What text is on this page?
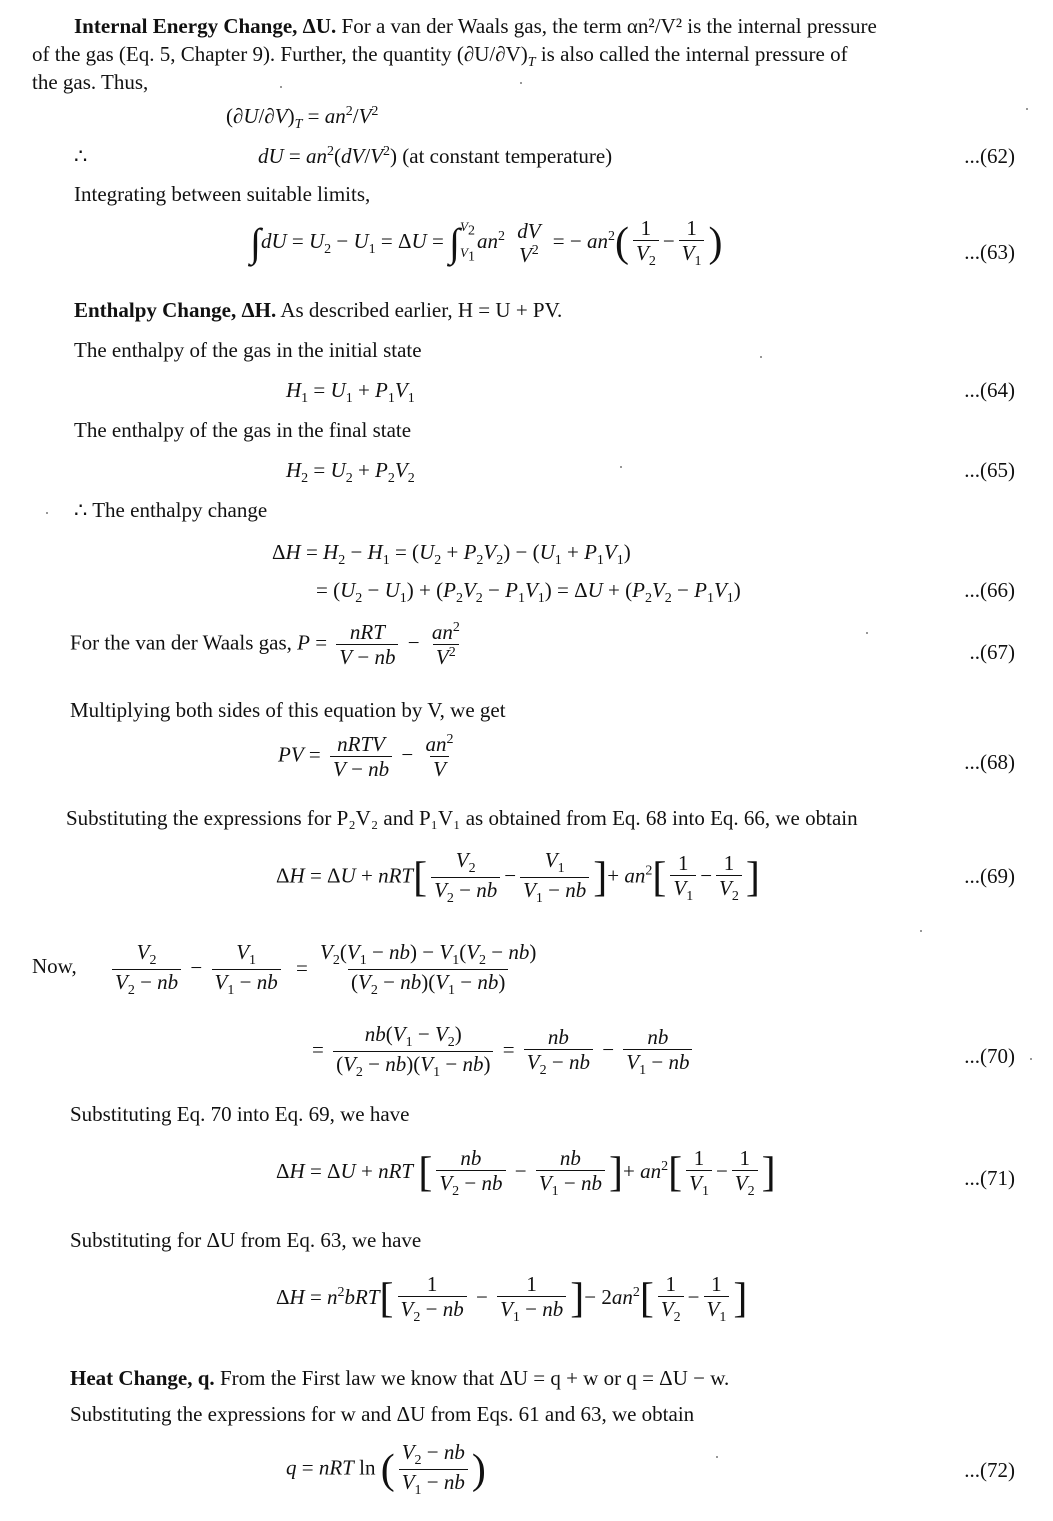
Internal Energy Change, ΔU. For a van der Waals gas, the term αn²/V² is the internal pressure
of the gas (Eq. 5, Chapter 9). Further, the quantity $(\partial U/\partial V)_T$ is also called the internal pressure of
the gas. Thus,
$(\partial U/\partial V)_T = an^2/V^2$
∴	dU = $an^2(dV/V^2)$ (at constant temperature)	...(62)
Integrating between suitable limits,
$\int dU = U_2 - U_1 = \Delta U$ = ∫ $V_2$
$V_1$
$an^2$ dV
$V^2$ = − $an^2( \frac{1}{V_2} - \frac{1}{V_1}$ )	...(63)
Enthalpy Change, ΔH. As described earlier, H = U + PV.
The enthalpy of the gas in the initial state
$H_1 = U_1 + P_1V_1$	...(64)
The enthalpy of the gas in the final state
$H_2 = U_2 + P_2V_2$	...(65)
∴ The enthalpy change
$\Delta H = H_2 - H_1 = (U_2 + P_2V_2) - (U_1 + P_1V_1)$
= $(U_2 - U_1) + (P_2V_2 - P_1V_1) = \Delta U + (P_2V_2 - P_1V_1)$	...(66)
For the van der Waals gas, $P = \frac{\text{nRT}}{V - nb} - \frac{an^2}{V^2}$	..(67)
Multiplying both sides of this equation by V, we get
PV = $\frac{\text{nRTV}}{V - nb} - \frac{an^2}{V}$	...(68)
Substituting the expressions for P₂V₂ and P₁V₁ as obtained from Eq. 68 into Eq. 66, we obtain
$\Delta H = \Delta U + nRT[ \frac{V_2}{V_2 - nb} - \frac{V_1}{V_1 - nb}$ ]+ $an^2[ \frac{1}{V_1} - \frac{1}{V_2}$ ]	...(69)
Now, $\frac{V_2}{V_2 - nb} - \frac{V_1}{V_1 - nb} = \frac{V_2(V_1 - nb) - V_1(V_2 - nb)}{(V_2 - nb)(V_1 - nb)}$
= $\frac{nb(V_1 - V_2)}{(V_2 - nb)(V_1 - nb)} = \frac{nb}{V_2 - nb} - \frac{nb}{V_1 - nb}$	...(70)
Substituting Eq. 70 into Eq. 69, we have
ΔH = ΔU + nRT [ $\frac{nb}{V_2 - nb} - \frac{nb}{V_1 - nb}$ ]+ $an^2[ \frac{1}{V_1} - \frac{1}{V_2}$ ]	...(71)
Substituting for ΔU from Eq. 63, we have
$\Delta H = n^2bRT[ \frac{1}{V_2 - nb} - \frac{1}{V_1 - nb}$ ]− $2an^2[ \frac{1}{V_2} - \frac{1}{V_1}$ ]
Heat Change, q. From the First law we know that ΔU = q + w or q = ΔU − w.
Substituting the expressions for w and ΔU from Eqs. 61 and 63, we obtain
q = nRT ln ( $\frac{V_2 - nb}{V_1 - nb}$ )	...(72)
